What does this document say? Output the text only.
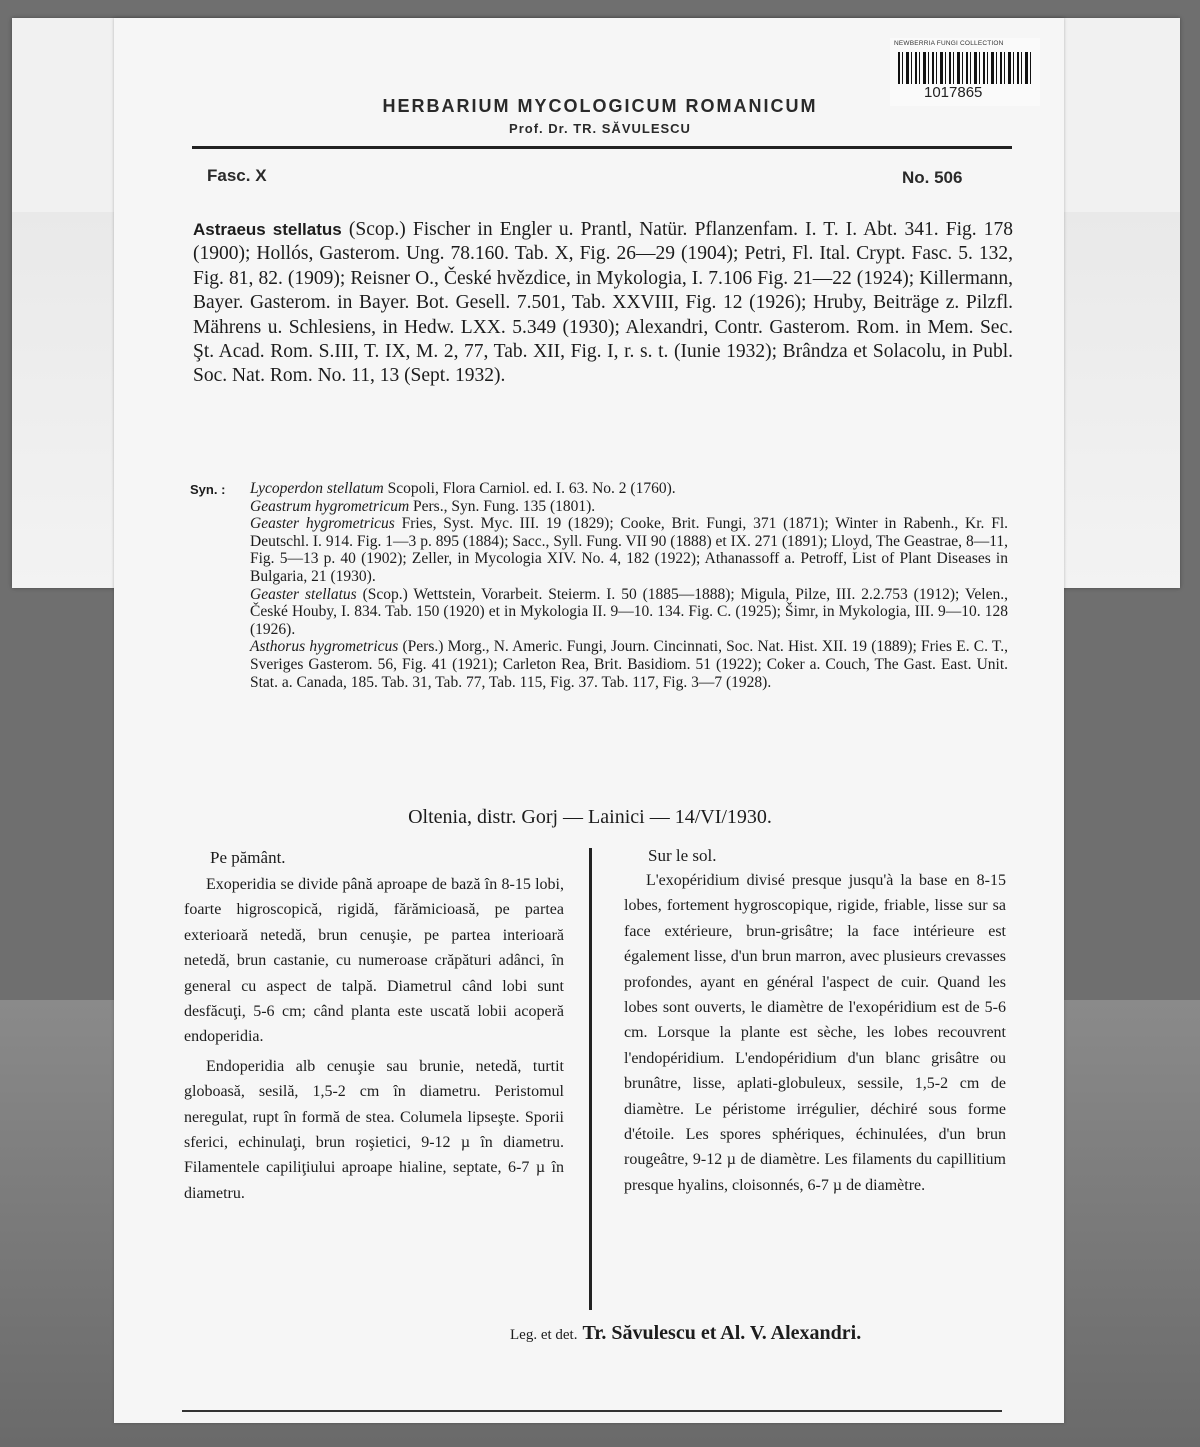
NEWBERRIA FUNGI COLLECTION
1017865
HERBARIUM MYCOLOGICUM ROMANICUM
Prof. Dr. TR. SĂVULESCU
Fasc. X	No. 506
Astraeus stellatus (Scop.) Fischer in Engler u. Prantl, Natür. Pflanzenfam. I. T. I. Abt. 341. Fig. 178 (1900); Hollós, Gasterom. Ung. 78.160. Tab. X, Fig. 26—29 (1904); Petri, Fl. Ital. Crypt. Fasc. 5. 132, Fig. 81, 82. (1909); Reisner O., České hvězdice, in Mykologia, I. 7.106 Fig. 21—22 (1924); Killermann, Bayer. Gasterom. in Bayer. Bot. Gesell. 7.501, Tab. XXVIII, Fig. 12 (1926); Hruby, Beiträge z. Pilzfl. Mährens u. Schlesiens, in Hedw. LXX. 5.349 (1930); Alexandri, Contr. Gasterom. Rom. in Mem. Sec. Şt. Acad. Rom. S.III, T. IX, M. 2, 77, Tab. XII, Fig. I, r. s. t. (Iunie 1932); Brândza et Solacolu, in Publ. Soc. Nat. Rom. No. 11, 13 (Sept. 1932).
Syn. : Lycoperdon stellatum Scopoli, Flora Carniol. ed. I. 63. No. 2 (1760).

Geastrum hygrometricum Pers., Syn. Fung. 135 (1801).

Geaster hygrometricus Fries, Syst. Myc. III. 19 (1829); Cooke, Brit. Fungi, 371 (1871); Winter in Rabenh., Kr. Fl. Deutschl. I. 914. Fig. 1—3 p. 895 (1884); Sacc., Syll. Fung. VII 90 (1888) et IX. 271 (1891); Lloyd, The Geastrae, 8—11, Fig. 5—13 p. 40 (1902); Zeller, in Mycologia XIV. No. 4, 182 (1922); Athanassoff a. Petroff, List of Plant Diseases in Bulgaria, 21 (1930).

Geaster stellatus (Scop.) Wettstein, Vorarbeit. Steierm. I. 50 (1885—1888); Migula, Pilze, III. 2.2.753 (1912); Velen., České Houby, I. 834. Tab. 150 (1920) et in Mykologia II. 9—10. 134. Fig. C. (1925); Šimr, in Mykologia, III. 9—10. 128 (1926).

Asthorus hygrometricus (Pers.) Morg., N. Americ. Fungi, Journ. Cincinnati, Soc. Nat. Hist. XII. 19 (1889); Fries E. C. T., Sveriges Gasterom. 56, Fig. 41 (1921); Carleton Rea, Brit. Basidiom. 51 (1922); Coker a. Couch, The Gast. East. Unit. Stat. a. Canada, 185. Tab. 31, Tab. 77, Tab. 115, Fig. 37. Tab. 117, Fig. 3—7 (1928).

Oltenia, distr. Gorj — Lainici — 14/VI/1930.
Pe pământ.

Exoperidia se divide până aproape de bază în 8-15 lobi, foarte higroscopică, rigidă, fărămicioasă, pe partea exterioară netedă, brun cenuşie, pe partea interioară netedă, brun castanie, cu numeroase crăpături adânci, în general cu aspect de talpă. Diametrul când lobi sunt desfăcuţi, 5-6 cm; când planta este uscată lobii acoperă endoperidia.

Endoperidia alb cenuşie sau brunie, netedă, turtit globoasă, sesilă, 1,5-2 cm în diametru. Peristomul neregulat, rupt în formă de stea. Columela lipseşte. Sporii sferici, echinulaţi, brun roşietici, 9-12 µ în diametru. Filamentele capiliţiului aproape hialine, septate, 6-7 µ în diametru.

Sur le sol.

L'exopéridium divisé presque jusqu'à la base en 8-15 lobes, fortement hygroscopique, rigide, friable, lisse sur sa face extérieure, brun-grisâtre; la face intérieure est également lisse, d'un brun marron, avec plusieurs crevasses profondes, ayant en général l'aspect de cuir. Quand les lobes sont ouverts, le diamètre de l'exopéridium est de 5-6 cm. Lorsque la plante est sèche, les lobes recouvrent l'endopéridium. L'endopéridium d'un blanc grisâtre ou brunâtre, lisse, aplati-globuleux, sessile, 1,5-2 cm de diamètre. Le péristome irrégulier, déchiré sous forme d'étoile. Les spores sphériques, échinulées, d'un brun rougeâtre, 9-12 µ de diamètre. Les filaments du capillitium presque hyalins, cloisonnés, 6-7 µ de diamètre.

Leg. et det. Tr. Săvulescu et Al. V. Alexandri.
